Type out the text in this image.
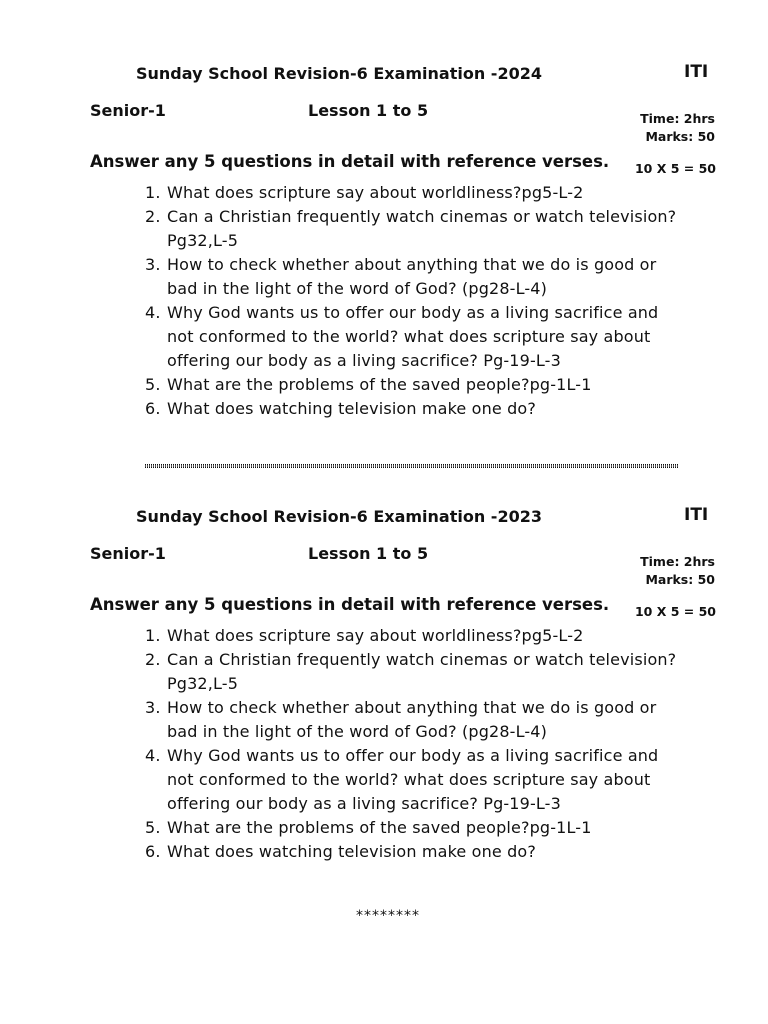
Sunday School Revision-6 Examination -2024	ITI
Senior-1	Lesson 1 to 5	Time: 2hrs
Marks: 50
Answer any 5 questions in detail with reference verses. 10 X 5 = 50
1. What does scripture say about worldliness?pg5-L-2
2. Can a Christian frequently watch cinemas or watch television? Pg32,L-5
3. How to check whether about anything that we do is good or bad in the light of the word of God? (pg28-L-4)
4. Why God wants us to offer our body as a living sacrifice and not conformed to the world? what does scripture say about offering our body as a living sacrifice? Pg-19-L-3
5. What are the problems of the saved people?pg-1L-1
6. What does watching television make one do?
Sunday School Revision-6 Examination -2023	ITI
Senior-1	Lesson 1 to 5	Time: 2hrs
Marks: 50
Answer any 5 questions in detail with reference verses. 10 X 5 = 50
1. What does scripture say about worldliness?pg5-L-2
2. Can a Christian frequently watch cinemas or watch television? Pg32,L-5
3. How to check whether about anything that we do is good or bad in the light of the word of God? (pg28-L-4)
4. Why God wants us to offer our body as a living sacrifice and not conformed to the world? what does scripture say about offering our body as a living sacrifice? Pg-19-L-3
5. What are the problems of the saved people?pg-1L-1
6. What does watching television make one do?
********
